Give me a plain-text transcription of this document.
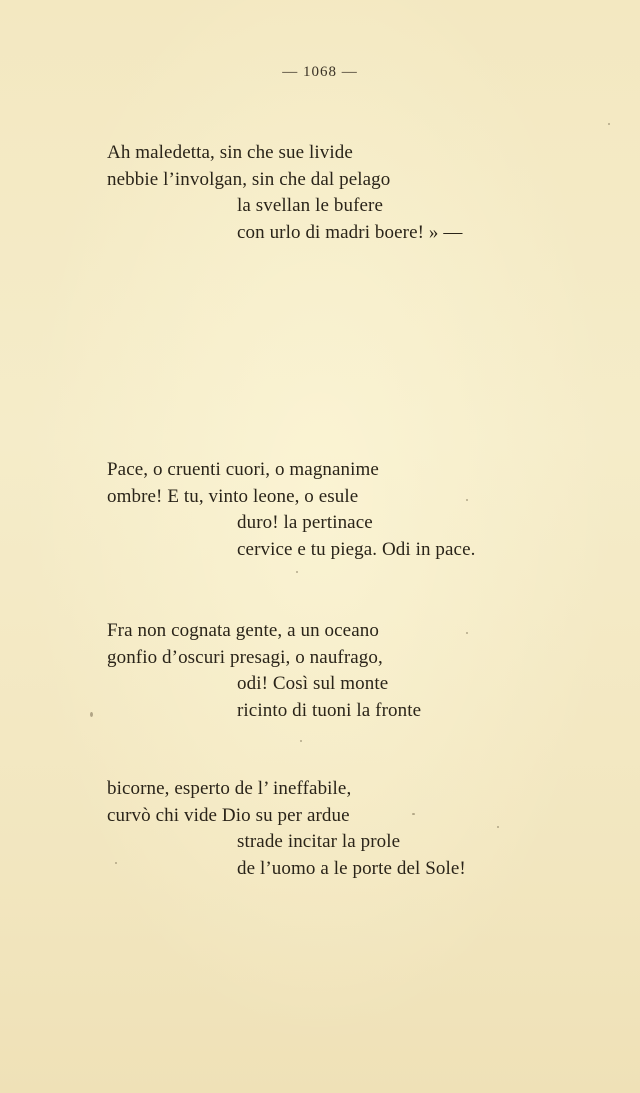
— 1068 —
Ah maledetta, sin che sue livide
nebbie l’involgan, sin che dal pelago
la svellan le bufere
con urlo di madri boere! » —
Pace, o cruenti cuori, o magnanime
ombre! E tu, vinto leone, o esule
duro! la pertinace
cervice e tu piega. Odi in pace.
Fra non cognata gente, a un oceano
gonfio d’oscuri presagi, o naufrago,
odi! Così sul monte
ricinto di tuoni la fronte
bicorne, esperto de l’ ineffabile,
curvò chi vide Dio su per ardue
strade incitar la prole
de l’uomo a le porte del Sole!
